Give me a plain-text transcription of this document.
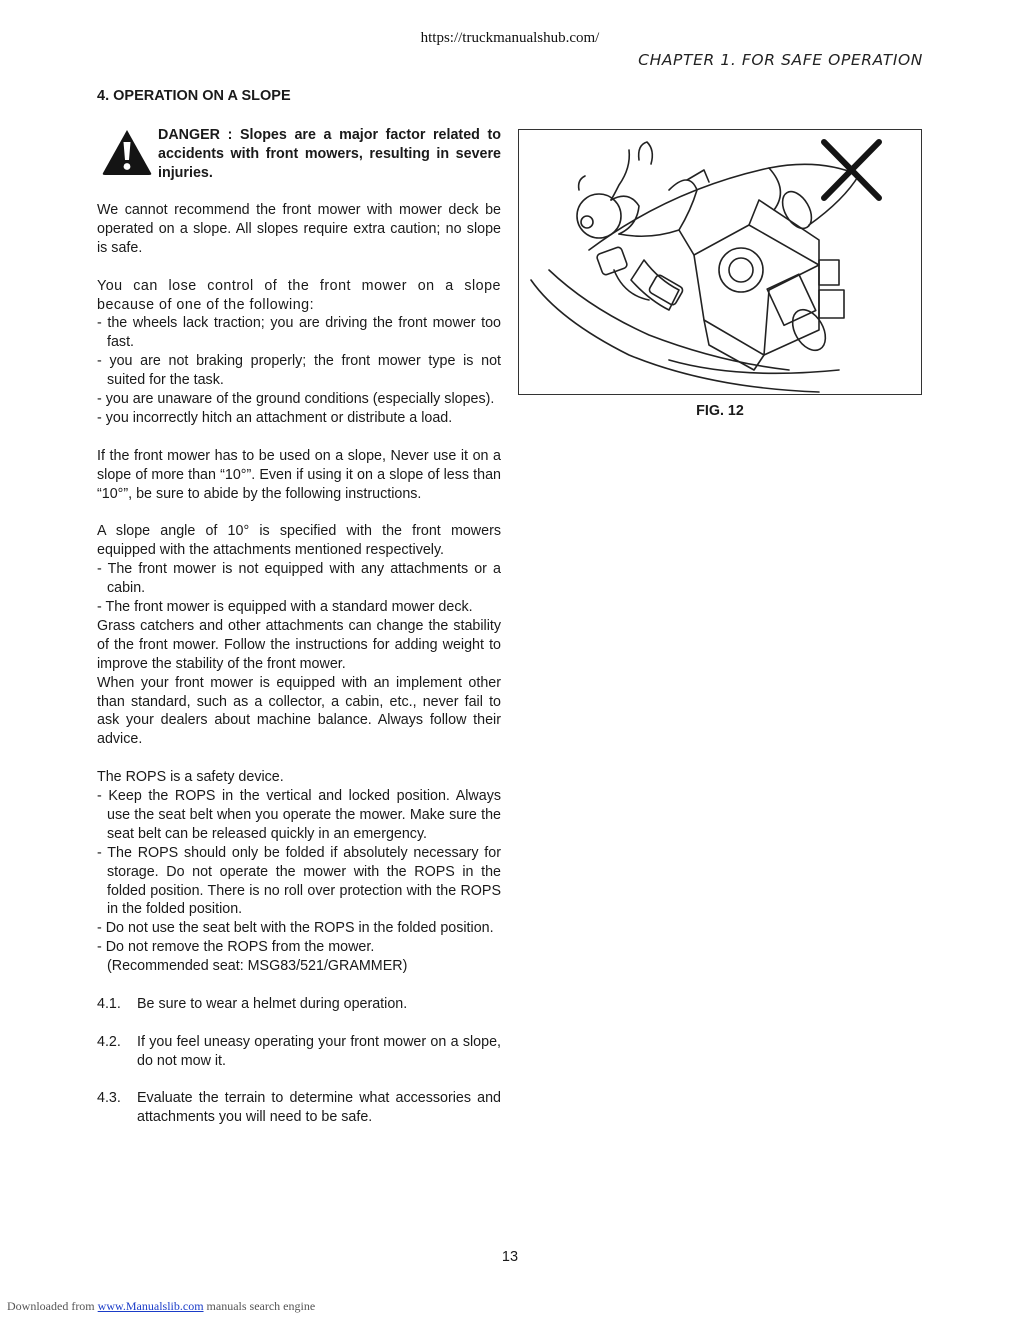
https://truckmanualshub.com/
CHAPTER 1. FOR SAFE OPERATION
4. OPERATION ON A SLOPE
DANGER : Slopes are a major factor related to accidents with front mowers, resulting in severe injuries.

We cannot recommend the front mower with mower deck be operated on a slope. All slopes require extra caution; no slope is safe.

You can lose control of the front mower on a slope because of one of the following:

- the wheels lack traction; you are driving the front mower too fast.

- you are not braking properly; the front mower type is not suited for the task.

- you are unaware of the ground conditions (especially slopes).

- you incorrectly hitch an attachment or distribute a load.

If the front mower has to be used on a slope, Never use it on a slope of more than “10°”. Even if using it on a slope of less than “10°”, be sure to abide by the following instructions.

A slope angle of 10° is specified with the front mowers equipped with the attachments mentioned respectively.

- The front mower is not equipped with any attachments or a cabin.

- The front mower is equipped with a standard mower deck.

Grass catchers and other attachments can change the stability of the front mower. Follow the instructions for adding weight to improve the stability of the front mower.

When your front mower is equipped with an implement other than standard, such as a collector, a cabin, etc., never fail to ask your dealers about machine balance. Always follow their advice.

The ROPS is a safety device.

- Keep the ROPS in the vertical and locked position. Always use the seat belt when you operate the mower. Make sure the seat belt can be released quickly in an emergency.

- The ROPS should only be folded if absolutely necessary for storage. Do not operate the mower with the ROPS in the folded position. There is no roll over protection with the ROPS in the folded position.

- Do not use the seat belt with the ROPS in the folded position.

- Do not remove the ROPS from the mower.

(Recommended seat: MSG83/521/GRAMMER)

4.1.	Be sure to wear a helmet during operation.
4.2.	If you feel uneasy operating your front mower on a slope, do not mow it.
4.3.	Evaluate the terrain to determine what accessories and attachments you will need to be safe.
FIG. 12
13
Downloaded from www.Manualslib.com manuals search engine
